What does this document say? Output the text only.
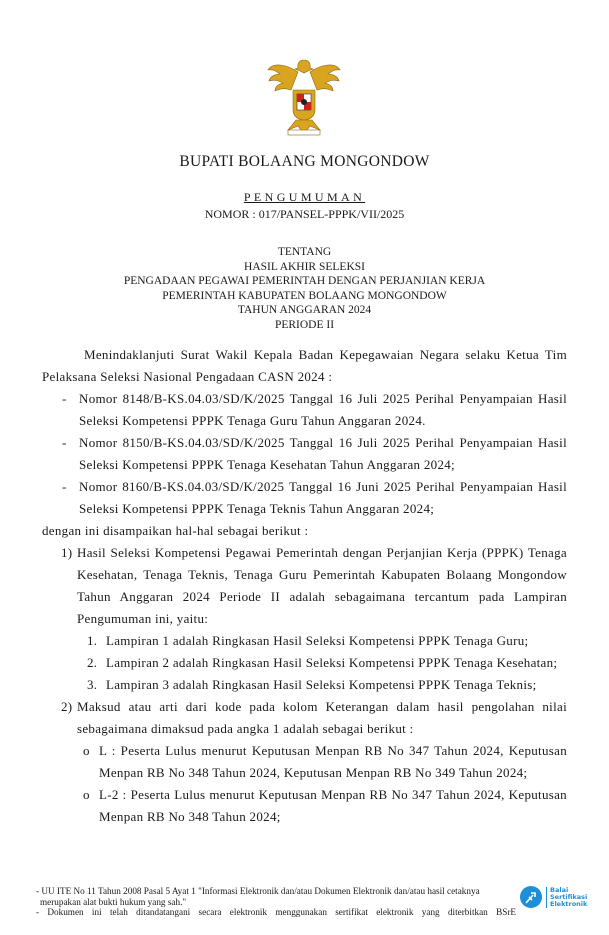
BUPATI BOLAANG MONGONDOW
PENGUMUMAN
NOMOR : 017/PANSEL-PPPK/VII/2025
TENTANG
HASIL AKHIR SELEKSI
PENGADAAN PEGAWAI PEMERINTAH DENGAN PERJANJIAN KERJA
PEMERINTAH KABUPATEN BOLAANG MONGONDOW
TAHUN ANGGARAN 2024
PERIODE II

Menindaklanjuti Surat Wakil Kepala Badan Kepegawaian Negara selaku Ketua Tim Pelaksana Seleksi Nasional Pengadaan CASN 2024 :

- Nomor 8148/B-KS.04.03/SD/K/2025 Tanggal 16 Juli 2025 Perihal Penyampaian Hasil Seleksi Kompetensi PPPK Tenaga Guru Tahun Anggaran 2024.
- Nomor 8150/B-KS.04.03/SD/K/2025 Tanggal 16 Juli 2025 Perihal Penyampaian Hasil Seleksi Kompetensi PPPK Tenaga Kesehatan Tahun Anggaran 2024;
- Nomor 8160/B-KS.04.03/SD/K/2025 Tanggal 16 Juni 2025 Perihal Penyampaian Hasil Seleksi Kompetensi PPPK Tenaga Teknis Tahun Anggaran 2024;

dengan ini disampaikan hal-hal sebagai berikut :

1) Hasil Seleksi Kompetensi Pegawai Pemerintah dengan Perjanjian Kerja (PPPK) Tenaga Kesehatan, Tenaga Teknis, Tenaga Guru Pemerintah Kabupaten Bolaang Mongondow Tahun Anggaran 2024 Periode II adalah sebagaimana tercantum pada Lampiran Pengumuman ini, yaitu:
1. Lampiran 1 adalah Ringkasan Hasil Seleksi Kompetensi PPPK Tenaga Guru;
2. Lampiran 2 adalah Ringkasan Hasil Seleksi Kompetensi PPPK Tenaga Kesehatan;
3. Lampiran 3 adalah Ringkasan Hasil Seleksi Kompetensi PPPK Tenaga Teknis;
2) Maksud atau arti dari kode pada kolom Keterangan dalam hasil pengolahan nilai sebagaimana dimaksud pada angka 1 adalah sebagai berikut :
o L : Peserta Lulus menurut Keputusan Menpan RB No 347 Tahun 2024, Keputusan Menpan RB No 348 Tahun 2024, Keputusan Menpan RB No 349 Tahun 2024;
o L-2 : Peserta Lulus menurut Keputusan Menpan RB No 347 Tahun 2024, Keputusan Menpan RB No 348 Tahun 2024;
- UU ITE No 11 Tahun 2008 Pasal 5 Ayat 1 "Informasi Elektronik dan/atau Dokumen Elektronik dan/atau hasil cetaknya merupakan alat bukti hukum yang sah."
- Dokumen ini telah ditandatangani secara elektronik menggunakan sertifikat elektronik yang diterbitkan BSrE
Balai
Sertifikasi
Elektronik
